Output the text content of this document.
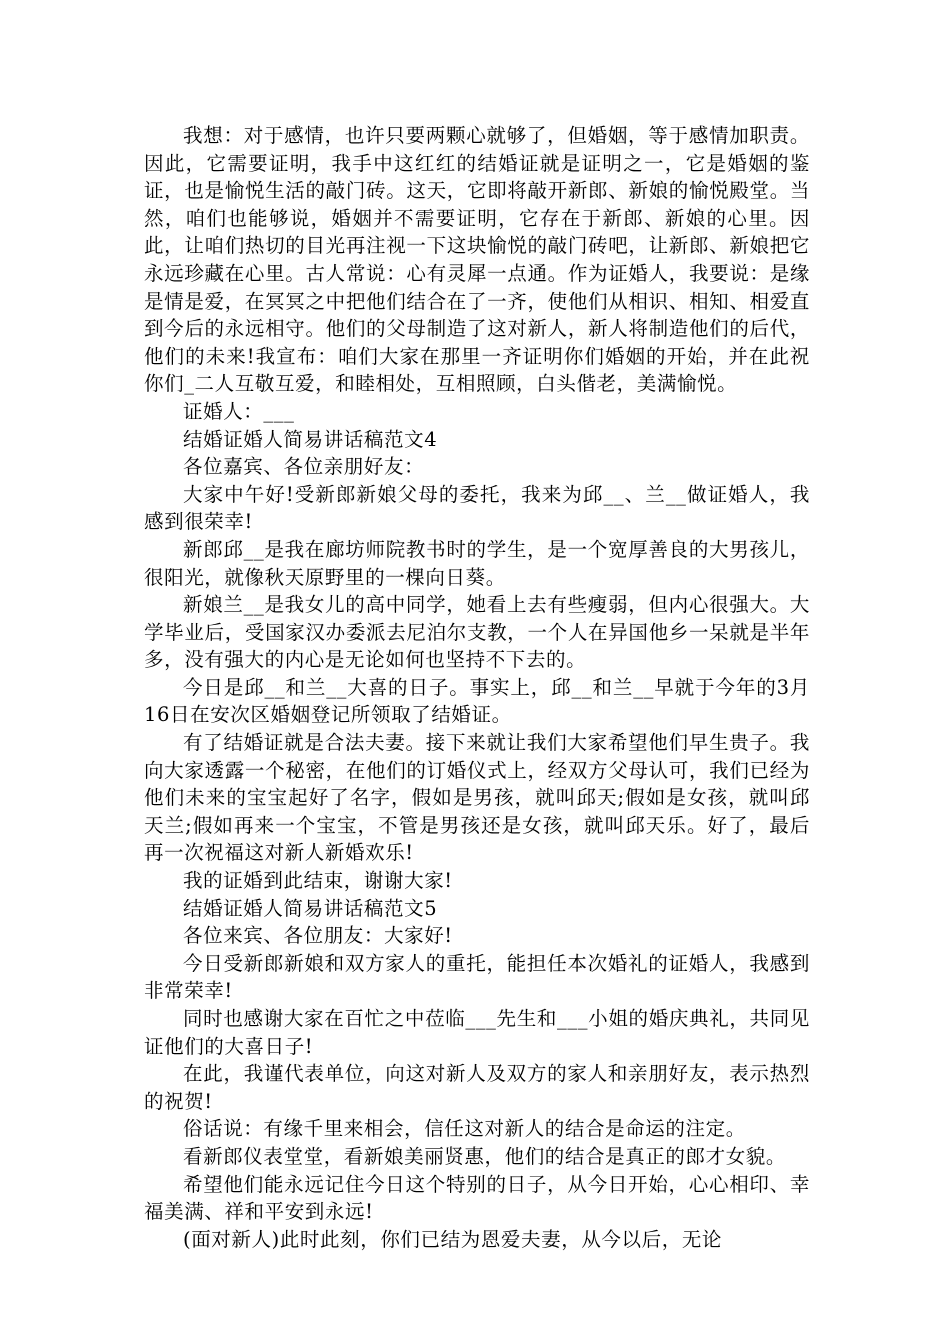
我想：对于感情，也许只要两颗心就够了，但婚姻，等于感情加职责。因此，它需要证明，我手中这红红的结婚证就是证明之一，它是婚姻的鉴证，也是愉悦生活的敲门砖。这天，它即将敲开新郎、新娘的愉悦殿堂。当然，咱们也能够说，婚姻并不需要证明，它存在于新郎、新娘的心里。因此，让咱们热切的目光再注视一下这块愉悦的敲门砖吧，让新郎、新娘把它永远珍藏在心里。古人常说：心有灵犀一点通。作为证婚人，我要说：是缘是情是爱，在冥冥之中把他们结合在了一齐，使他们从相识、相知、相爱直到今后的永远相守。他们的父母制造了这对新人，新人将制造他们的后代，他们的未来!我宣布：咱们大家在那里一齐证明你们婚姻的开始，并在此祝你们_二人互敬互爱，和睦相处，互相照顾，白头偕老，美满愉悦。

证婚人：___

结婚证婚人简易讲话稿范文4

各位嘉宾、各位亲朋好友：

大家中午好!受新郎新娘父母的委托，我来为邱__、兰__做证婚人，我感到很荣幸!

新郎邱__是我在廊坊师院教书时的学生，是一个宽厚善良的大男孩儿，很阳光，就像秋天原野里的一棵向日葵。

新娘兰__是我女儿的高中同学，她看上去有些瘦弱，但内心很强大。大学毕业后，受国家汉办委派去尼泊尔支教，一个人在异国他乡一呆就是半年多，没有强大的内心是无论如何也坚持不下去的。

今日是邱__和兰__大喜的日子。事实上，邱__和兰__早就于今年的3月16日在安次区婚姻登记所领取了结婚证。

有了结婚证就是合法夫妻。接下来就让我们大家希望他们早生贵子。我向大家透露一个秘密，在他们的订婚仪式上，经双方父母认可，我们已经为他们未来的宝宝起好了名字，假如是男孩，就叫邱天;假如是女孩，就叫邱天兰;假如再来一个宝宝，不管是男孩还是女孩，就叫邱天乐。好了，最后再一次祝福这对新人新婚欢乐!

我的证婚到此结束，谢谢大家!

结婚证婚人简易讲话稿范文5

各位来宾、各位朋友：大家好!

今日受新郎新娘和双方家人的重托，能担任本次婚礼的证婚人，我感到非常荣幸!

同时也感谢大家在百忙之中莅临___先生和___小姐的婚庆典礼，共同见证他们的大喜日子!

在此，我谨代表单位，向这对新人及双方的家人和亲朋好友，表示热烈的祝贺!

俗话说：有缘千里来相会，信任这对新人的结合是命运的注定。

看新郎仪表堂堂，看新娘美丽贤惠，他们的结合是真正的郎才女貌。

希望他们能永远记住今日这个特别的日子，从今日开始，心心相印、幸福美满、祥和平安到永远!

(面对新人)此时此刻，你们已结为恩爱夫妻，从今以后，无论
